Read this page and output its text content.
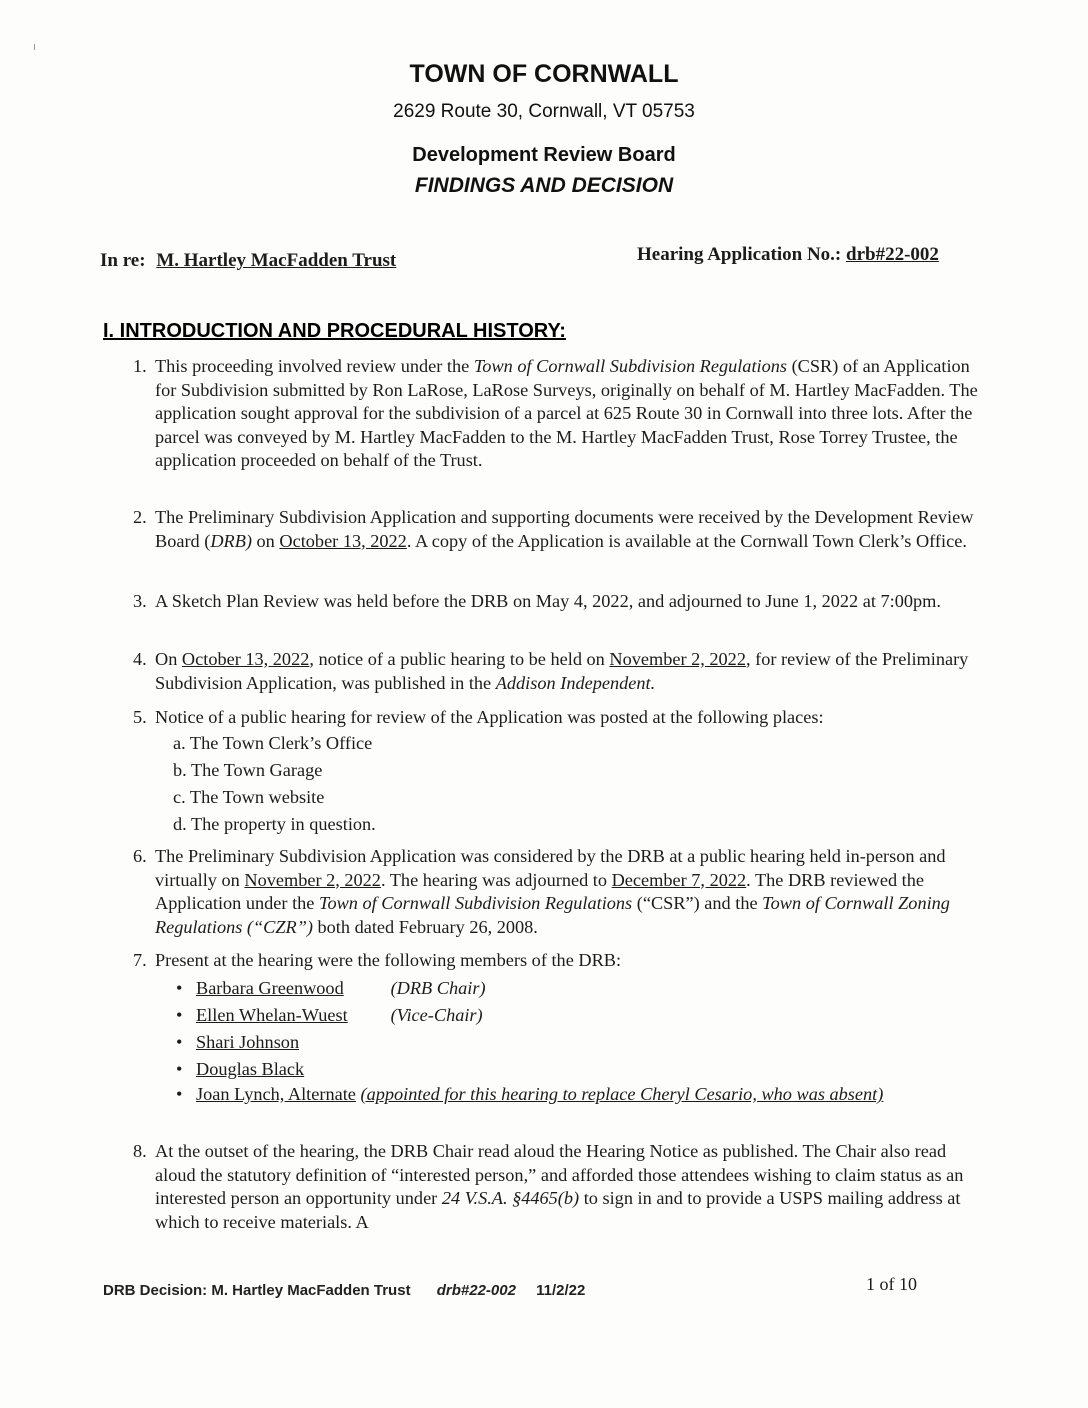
TOWN OF CORNWALL
2629 Route 30, Cornwall, VT 05753
Development Review Board
FINDINGS AND DECISION
In re: M. Hartley MacFadden Trust	Hearing Application No.: drb#22-002
I. INTRODUCTION AND PROCEDURAL HISTORY:
1. This proceeding involved review under the Town of Cornwall Subdivision Regulations (CSR) of an Application for Subdivision submitted by Ron LaRose, LaRose Surveys, originally on behalf of M. Hartley MacFadden. The application sought approval for the subdivision of a parcel at 625 Route 30 in Cornwall into three lots. After the parcel was conveyed by M. Hartley MacFadden to the M. Hartley MacFadden Trust, Rose Torrey Trustee, the application proceeded on behalf of the Trust.
2. The Preliminary Subdivision Application and supporting documents were received by the Development Review Board (DRB) on October 13, 2022. A copy of the Application is available at the Cornwall Town Clerk’s Office.
3. A Sketch Plan Review was held before the DRB on May 4, 2022, and adjourned to June 1, 2022 at 7:00pm.
4. On October 13, 2022, notice of a public hearing to be held on November 2, 2022, for review of the Preliminary Subdivision Application, was published in the Addison Independent.
5. Notice of a public hearing for review of the Application was posted at the following places:
a. The Town Clerk’s Office
b. The Town Garage
c. The Town website
d. The property in question.
6. The Preliminary Subdivision Application was considered by the DRB at a public hearing held in-person and virtually on November 2, 2022. The hearing was adjourned to December 7, 2022. The DRB reviewed the Application under the Town of Cornwall Subdivision Regulations (“CSR”) and the Town of Cornwall Zoning Regulations (“CZR”) both dated February 26, 2008.
7. Present at the hearing were the following members of the DRB:
• Barbara Greenwood	(DRB Chair)
• Ellen Whelan-Wuest (Vice-Chair)
• Shari Johnson
• Douglas Black
• Joan Lynch, Alternate (appointed for this hearing to replace Cheryl Cesario, who was absent)
8. At the outset of the hearing, the DRB Chair read aloud the Hearing Notice as published. The Chair also read aloud the statutory definition of “interested person,” and afforded those attendees wishing to claim status as an interested person an opportunity under 24 V.S.A. §4465(b) to sign in and to provide a USPS mailing address at which to receive materials. A
DRB Decision: M. Hartley MacFadden Trust drb#22-002 11/2/22	1 of 10
